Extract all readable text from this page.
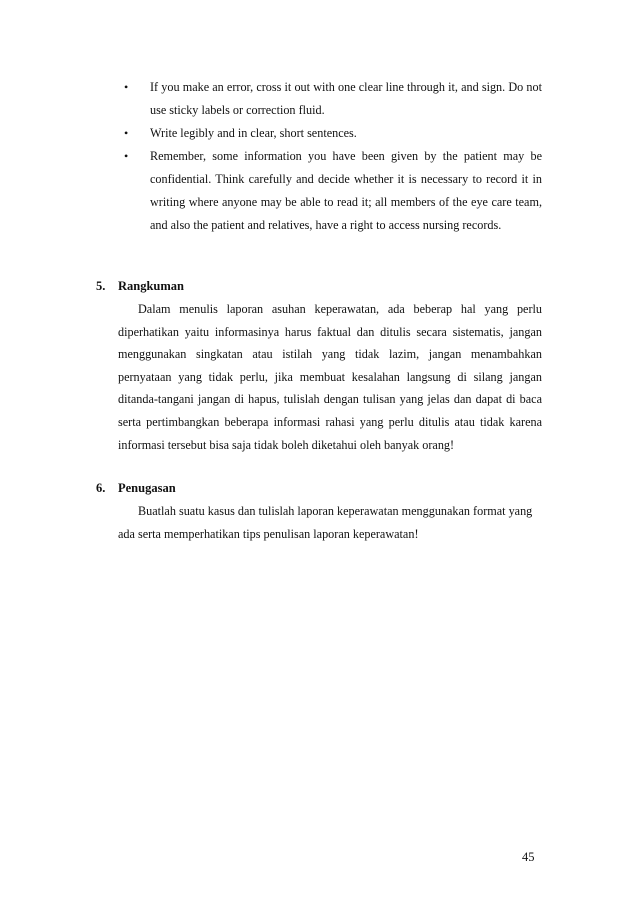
• If you make an error, cross it out with one clear line through it, and sign. Do not use sticky labels or correction fluid.
• Write legibly and in clear, short sentences.
• Remember, some information you have been given by the patient may be confidential. Think carefully and decide whether it is necessary to record it in writing where anyone may be able to read it; all members of the eye care team, and also the patient and relatives, have a right to access nursing records.

5. Rangkuman

Dalam menulis laporan asuhan keperawatan, ada beberap hal yang perlu diperhatikan yaitu informasinya harus faktual dan ditulis secara sistematis, jangan menggunakan singkatan atau istilah yang tidak lazim, jangan menambahkan pernyataan yang tidak perlu, jika membuat kesalahan langsung di silang jangan ditanda-tangani jangan di hapus, tulislah dengan tulisan yang jelas dan dapat di baca serta pertimbangkan beberapa informasi rahasi yang perlu ditulis atau tidak karena informasi tersebut bisa saja tidak boleh diketahui oleh banyak orang!

6. Penugasan

Buatlah suatu kasus dan tulislah laporan keperawatan menggunakan format yang ada serta memperhatikan tips penulisan laporan keperawatan!

45
